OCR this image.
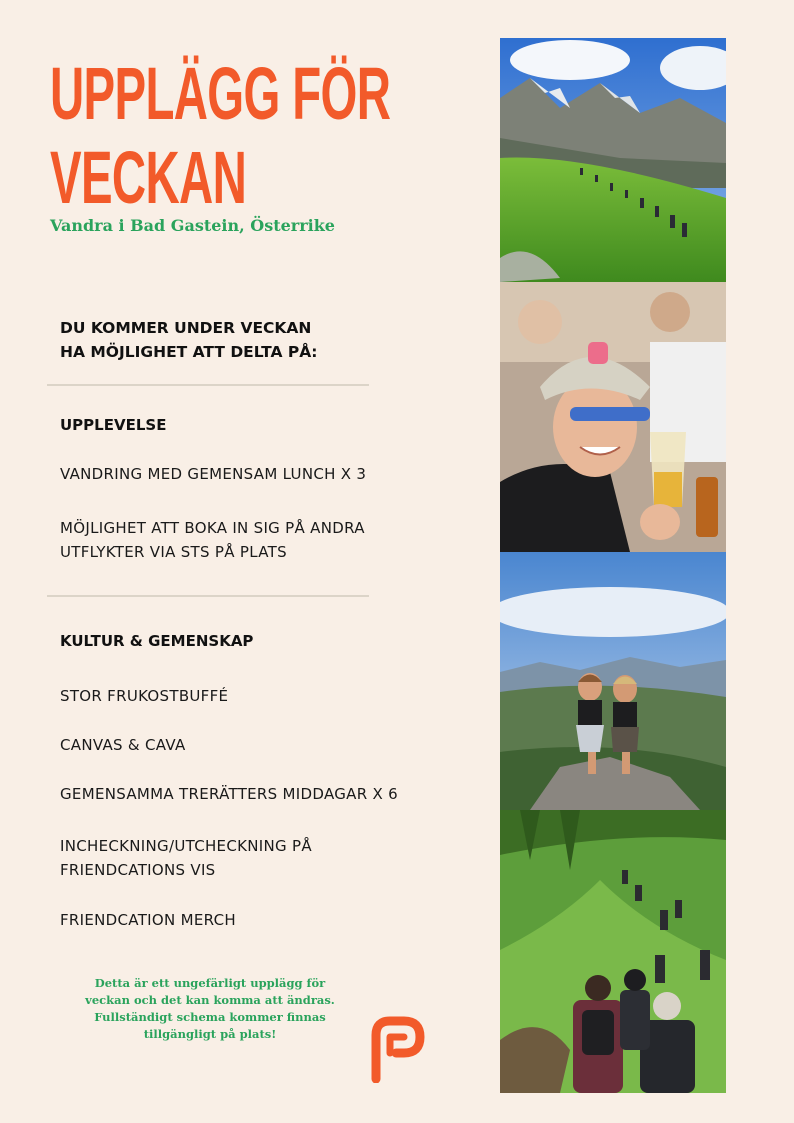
UPPLÄGG FÖR
VECKAN
Vandra i Bad Gastein, Österrike
DU KOMMER UNDER VECKAN
HA MÖJLIGHET ATT DELTA PÅ:
UPPLEVELSE
VANDRING MED GEMENSAM LUNCH X 3
MÖJLIGHET ATT BOKA IN SIG PÅ ANDRA UTFLYKTER VIA STS PÅ PLATS
KULTUR & GEMENSKAP
STOR FRUKOSTBUFFÉ
CANVAS & CAVA
GEMENSAMMA TRERÄTTERS MIDDAGAR X 6
INCHECKNING/UTCHECKNING PÅ FRIENDCATIONS VIS
FRIENDCATION MERCH
Detta är ett ungefärligt upplägg för veckan och det kan komma att ändras. Fullständigt schema kommer finnas tillgängligt på plats!
